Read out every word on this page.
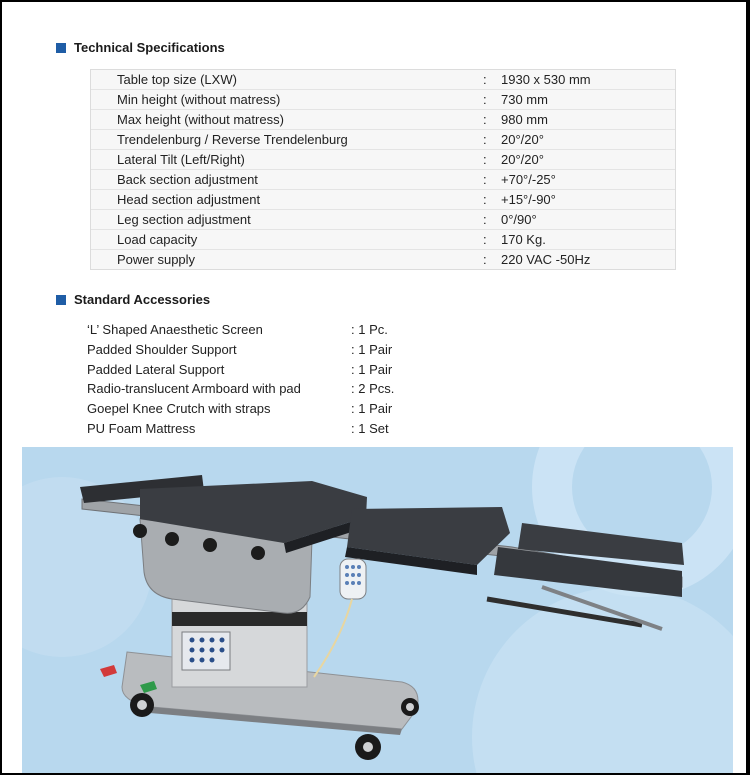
Technical Specifications
Table top size (LXW)	:	1930 x 530 mm
Min height (without matress)	:	730 mm
Max height (without matress)	:	980 mm
Trendelenburg / Reverse Trendelenburg	:	20°/20°
Lateral Tilt (Left/Right)	:	20°/20°
Back section adjustment	:	+70°/-25°
Head section adjustment	:	+15°/-90°
Leg section adjustment	:	0°/90°
Load capacity	:	170 Kg.
Power supply	:	220 VAC -50Hz
Standard Accessories
‘L’ Shaped Anaesthetic Screen	: 1 Pc.
Padded Shoulder Support	: 1 Pair
Padded Lateral Support	: 1 Pair
Radio-translucent Armboard with pad	: 2 Pcs.
Goepel Knee Crutch with straps	: 1 Pair
PU Foam Mattress	: 1 Set
